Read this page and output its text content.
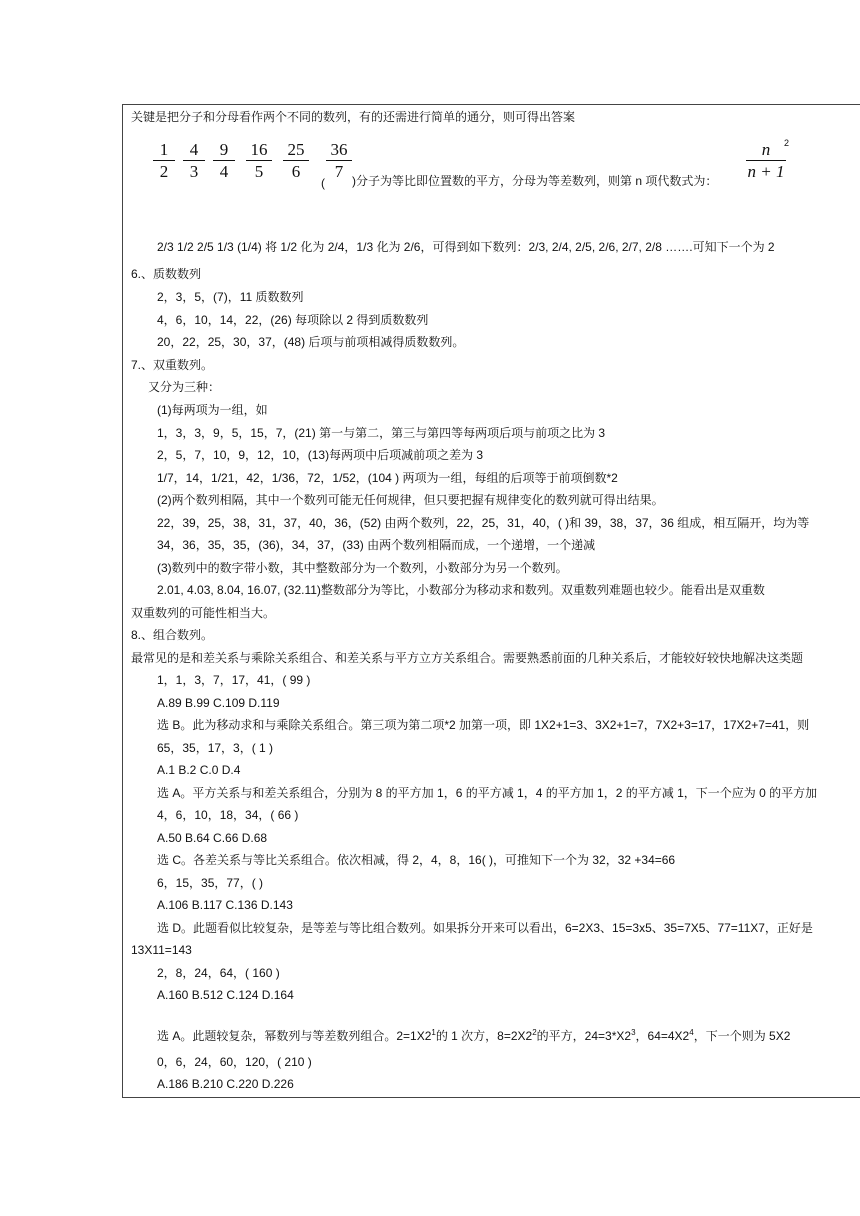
关键是把分子和分母看作两个不同的数列，有的还需进行简单的通分，则可得出答案
1
2
4
3
9
4
16
5
25
6
(
36
7 )分子为等比即位置数的平方，分母为等差数列，则第 n 项代数式为：
n
n + 1
2
2/3 1/2 2/5 1/3 (1/4) 将 1/2 化为 2/4，1/3 化为 2/6，可得到如下数列：2/3, 2/4, 2/5, 2/6, 2/7, 2/8 …….可知下一个为 2
6.、质数数列
2，3，5，(7)，11 质数数列
4，6，10，14，22，(26) 每项除以 2 得到质数数列
20，22，25，30，37，(48) 后项与前项相减得质数数列。
7.、双重数列。
又分为三种：
(1)每两项为一组，如
1，3，3，9，5，15，7，(21) 第一与第二，第三与第四等每两项后项与前项之比为 3
2，5，7，10，9，12，10，(13)每两项中后项减前项之差为 3
1/7，14，1/21，42，1/36，72，1/52，(104 ) 两项为一组，每组的后项等于前项倒数*2
(2)两个数列相隔，其中一个数列可能无任何规律，但只要把握有规律变化的数列就可得出结果。
22，39，25，38，31，37，40，36，(52) 由两个数列，22，25，31，40，( )和 39，38，37，36 组成，相互隔开，均为等
34，36，35，35，(36)，34，37，(33) 由两个数列相隔而成，一个递增，一个递减
(3)数列中的数字带小数，其中整数部分为一个数列，小数部分为另一个数列。
2.01, 4.03, 8.04, 16.07, (32.11)整数部分为等比，小数部分为移动求和数列。双重数列难题也较少。能看出是双重数
双重数列的可能性相当大。
8.、组合数列。
最常见的是和差关系与乘除关系组合、和差关系与平方立方关系组合。需要熟悉前面的几种关系后，才能较好较快地解决这类题
1，1，3，7，17，41，( 99 )
A.89 B.99 C.109 D.119
选 B。此为移动求和与乘除关系组合。第三项为第二项*2 加第一项，即 1X2+1=3、3X2+1=7，7X2+3=17，17X2+7=41，则
65，35，17，3，( 1 )
A.1 B.2 C.0 D.4
选 A。平方关系与和差关系组合，分别为 8 的平方加 1，6 的平方减 1，4 的平方加 1，2 的平方减 1，下一个应为 0 的平方加
4，6，10，18，34，( 66 )
A.50 B.64 C.66 D.68
选 C。各差关系与等比关系组合。依次相减，得 2，4，8，16( )，可推知下一个为 32，32 +34=66
6，15，35，77，( )
A.106 B.117 C.136 D.143
选 D。此题看似比较复杂，是等差与等比组合数列。如果拆分开来可以看出，6=2X3、15=3x5、35=7X5、77=11X7，正好是
13X11=143
2，8，24，64，( 160 )
A.160 B.512 C.124 D.164
选 A。此题较复杂，幂数列与等差数列组合。$2=1X2^1$的 1 次方，$8=2X2^2$的平方，$24=3*X2^3$，$64=4X2^4$，下一个则为 5X2
0，6，24，60，120，( 210 )
A.186 B.210 C.220 D.226
